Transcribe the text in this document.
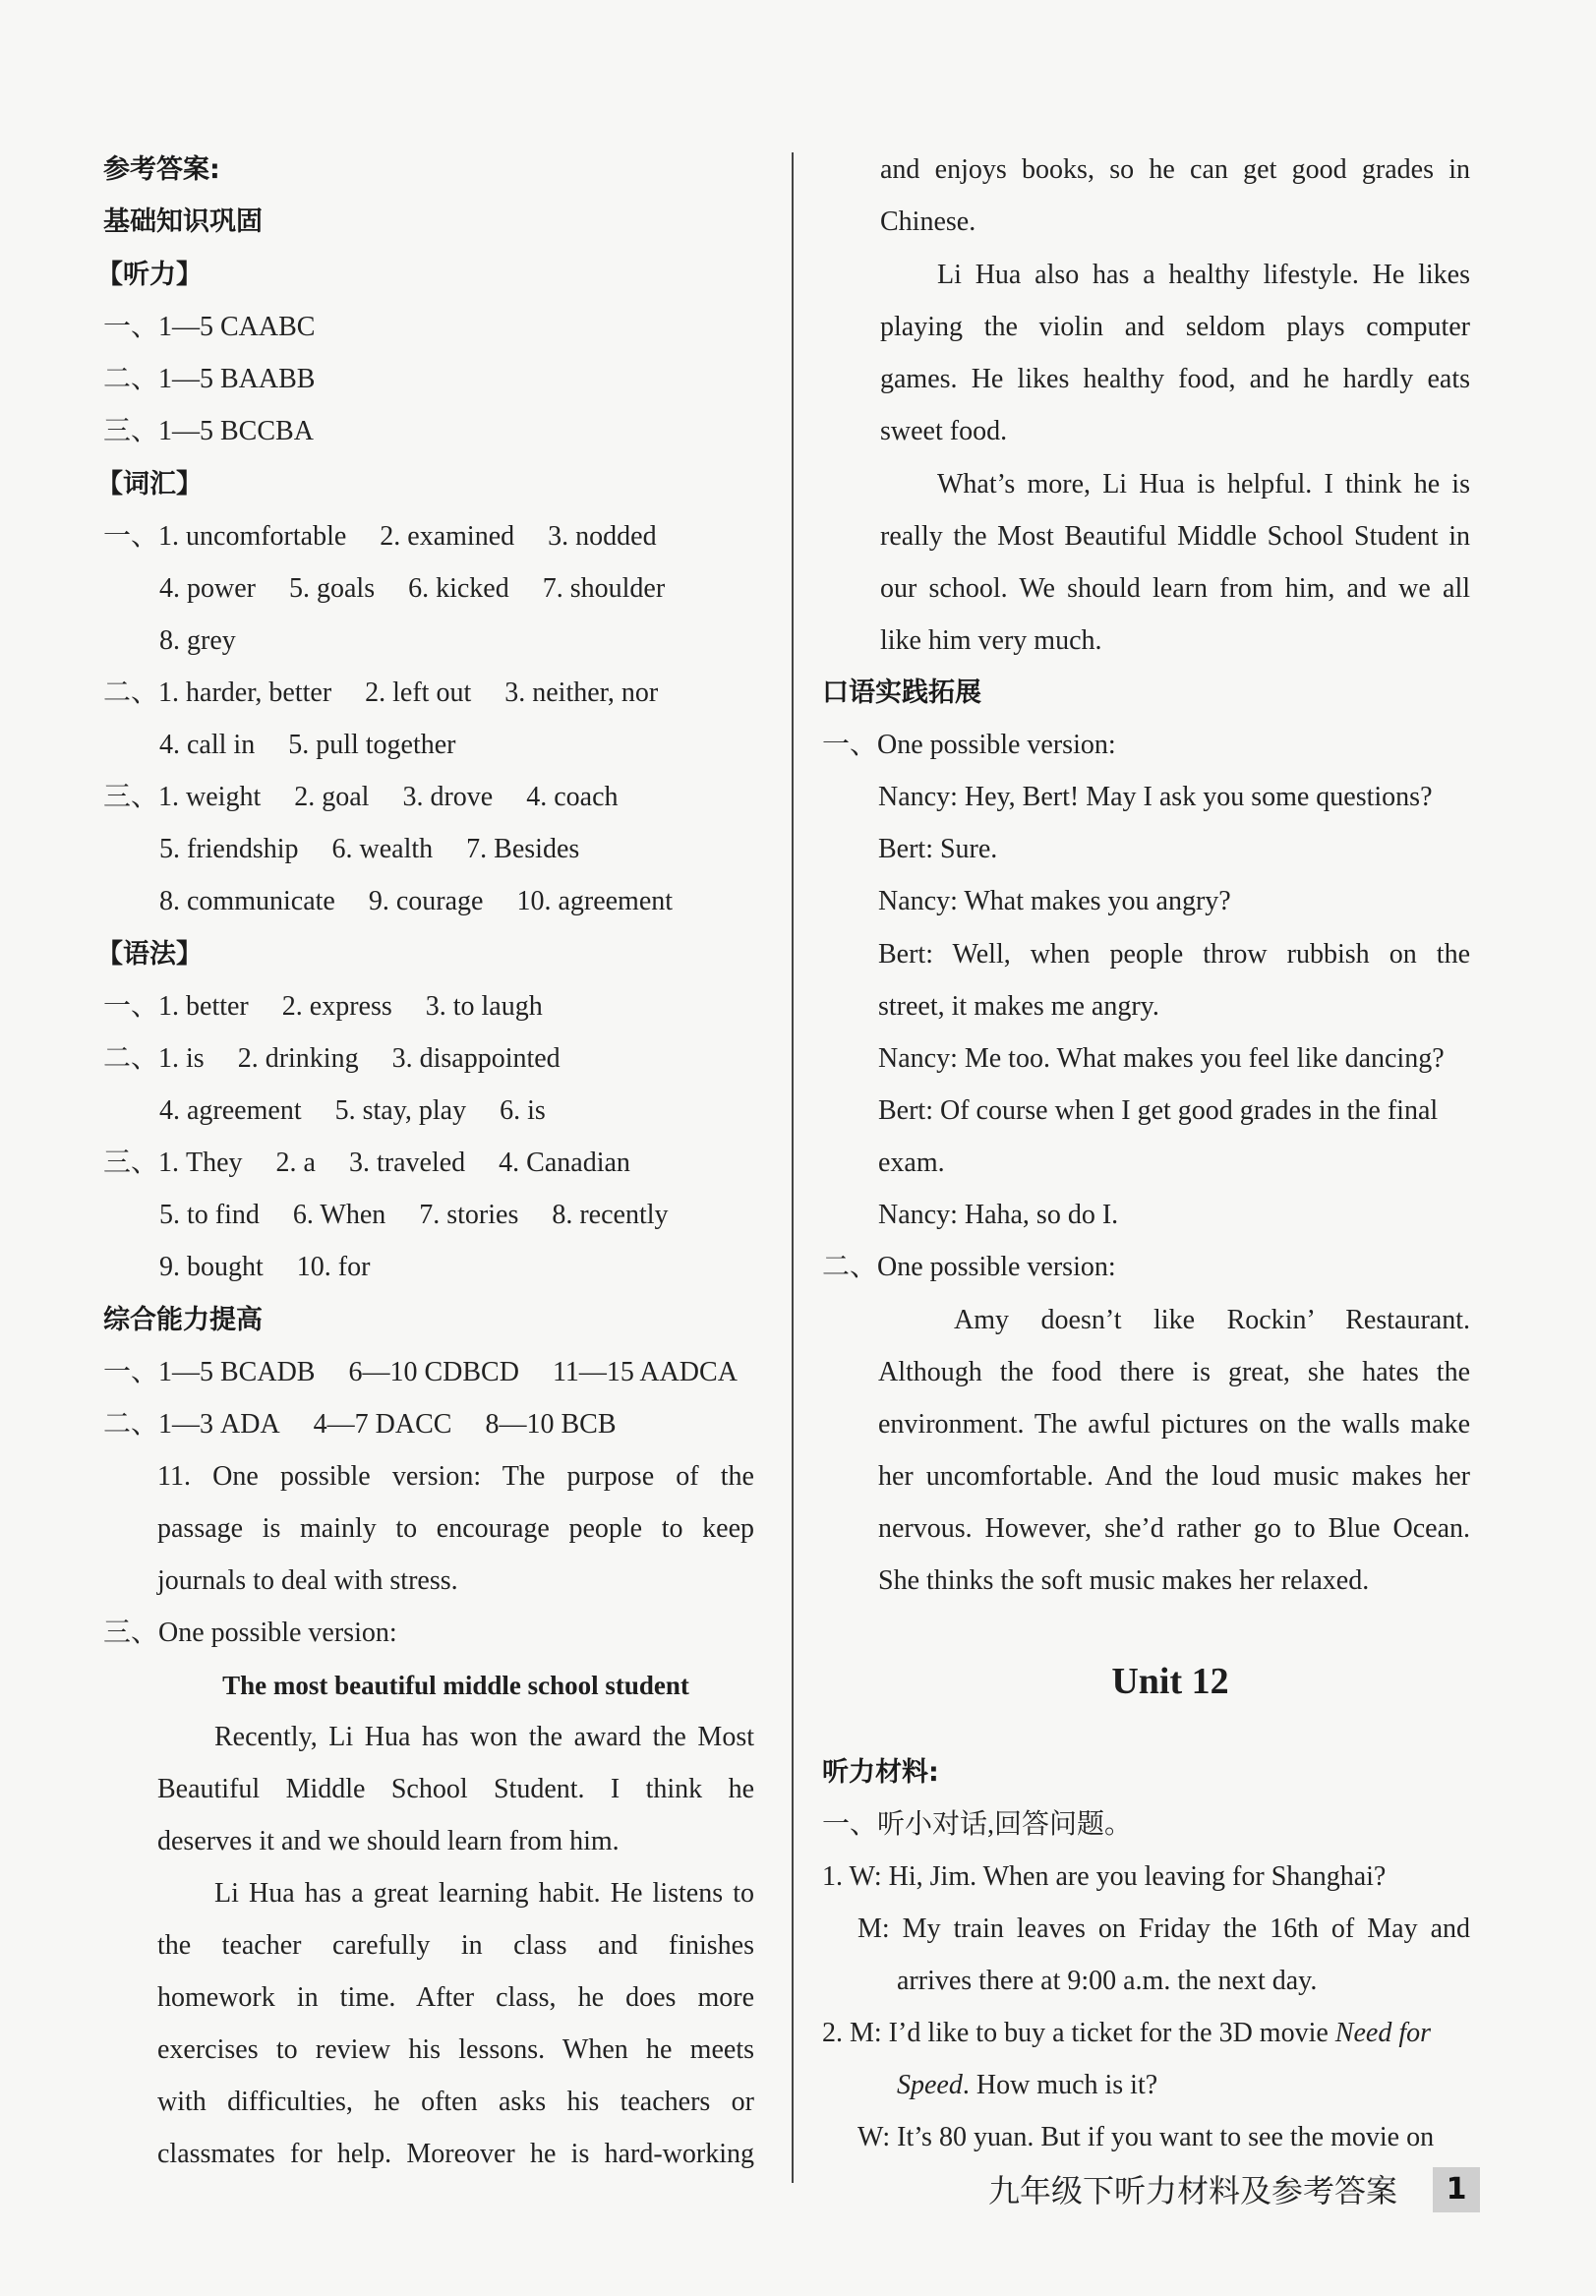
参考答案:
基础知识巩固
【听力】
一、1—5 CAABC
二、1—5 BAABB
三、1—5 BCCBA
【词汇】
一、1. uncomfortable 2. examined 3. nodded
4. power 5. goals 6. kicked 7. shoulder
8. grey
二、1. harder, better 2. left out 3. neither, nor
4. call in 5. pull together
三、1. weight 2. goal 3. drove 4. coach
5. friendship 6. wealth 7. Besides
8. communicate 9. courage 10. agreement
【语法】
一、1. better 2. express 3. to laugh
二、1. is 2. drinking 3. disappointed
4. agreement 5. stay, play 6. is
三、1. They 2. a 3. traveled 4. Canadian
5. to find 6. When 7. stories 8. recently
9. bought 10. for
综合能力提高
一、1—5 BCADB 6—10 CDBCD 11—15 AADCA
二、1—3 ADA 4—7 DACC 8—10 BCB
11. One possible version: The purpose of the
passage is mainly to encourage people to keep
journals to deal with stress.
三、One possible version:
The most beautiful middle school student
Recently, Li Hua has won the award the Most
Beautiful Middle School Student. I think he
deserves it and we should learn from him.
Li Hua has a great learning habit. He listens to
the teacher carefully in class and finishes
homework in time. After class, he does more
exercises to review his lessons. When he meets
with difficulties, he often asks his teachers or
classmates for help. Moreover he is hard-working
and enjoys books, so he can get good grades in
Chinese.
Li Hua also has a healthy lifestyle. He likes
playing the violin and seldom plays computer
games. He likes healthy food, and he hardly eats
sweet food.
What’s more, Li Hua is helpful. I think he is
really the Most Beautiful Middle School Student in
our school. We should learn from him, and we all
like him very much.
口语实践拓展
一、One possible version:
Nancy: Hey, Bert! May I ask you some questions?
Bert: Sure.
Nancy: What makes you angry?
Bert: Well, when people throw rubbish on the
street, it makes me angry.
Nancy: Me too. What makes you feel like dancing?
Bert: Of course when I get good grades in the final
exam.
Nancy: Haha, so do I.
二、One possible version:
Amy doesn’t like Rockin’ Restaurant.
Although the food there is great, she hates the
environment. The awful pictures on the walls make
her uncomfortable. And the loud music makes her
nervous. However, she’d rather go to Blue Ocean.
She thinks the soft music makes her relaxed.
Unit 12
听力材料:
一、听小对话,回答问题。
1. W: Hi, Jim. When are you leaving for Shanghai?
M: My train leaves on Friday the 16th of May and
arrives there at 9:00 a.m. the next day.
2. M: I’d like to buy a ticket for the 3D movie Need for
Speed. How much is it?
W: It’s 80 yuan. But if you want to see the movie on
九年级下听力材料及参考答案	1
